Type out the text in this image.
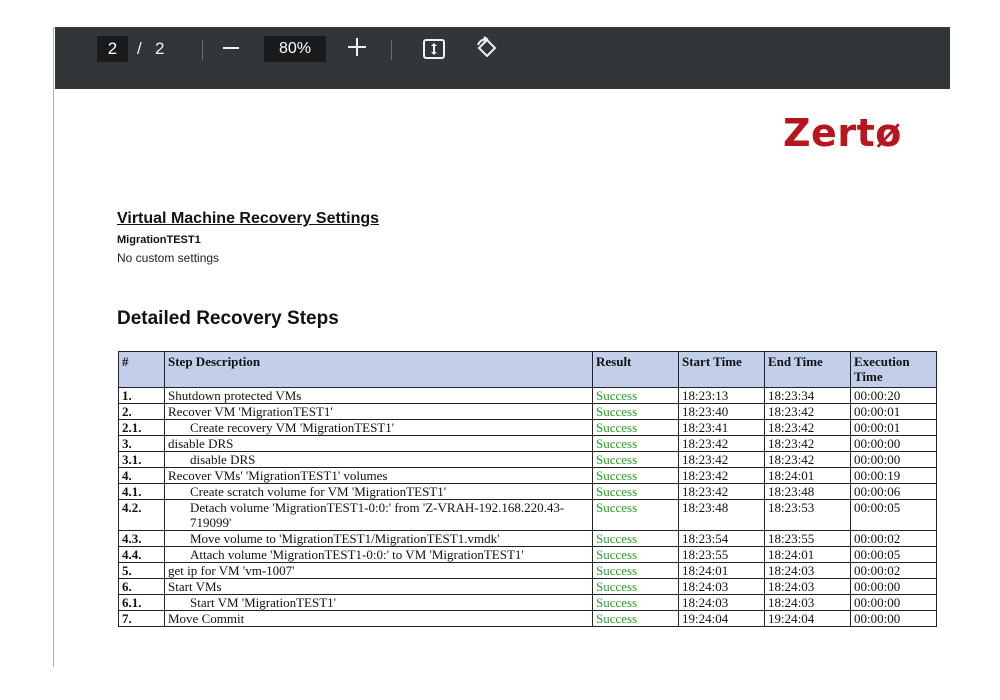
2	/ 2	80%
Zertø
Virtual Machine Recovery Settings
MigrationTEST1
No custom settings
Detailed Recovery Steps
#	Step Description	Result	Start Time	End Time	Execution Time
1.	Shutdown protected VMs	Success	18:23:13	18:23:34	00:00:20
2.	Recover VM 'MigrationTEST1'	Success	18:23:40	18:23:42	00:00:01
2.1.	Create recovery VM 'MigrationTEST1'	Success	18:23:41	18:23:42	00:00:01
3.	disable DRS	Success	18:23:42	18:23:42	00:00:00
3.1.	disable DRS	Success	18:23:42	18:23:42	00:00:00
4.	Recover VMs' 'MigrationTEST1' volumes	Success	18:23:42	18:24:01	00:00:19
4.1.	Create scratch volume for VM 'MigrationTEST1'	Success	18:23:42	18:23:48	00:00:06
4.2.	Detach volume 'MigrationTEST1-0:0:' from 'Z-VRAH-192.168.220.43-719099'	Success	18:23:48	18:23:53	00:00:05
4.3.	Move volume to 'MigrationTEST1/MigrationTEST1.vmdk'	Success	18:23:54	18:23:55	00:00:02
4.4.	Attach volume 'MigrationTEST1-0:0:' to VM 'MigrationTEST1'	Success	18:23:55	18:24:01	00:00:05
5.	get ip for VM 'vm-1007'	Success	18:24:01	18:24:03	00:00:02
6.	Start VMs	Success	18:24:03	18:24:03	00:00:00
6.1.	Start VM 'MigrationTEST1'	Success	18:24:03	18:24:03	00:00:00
7.	Move Commit	Success	19:24:04	19:24:04	00:00:00
